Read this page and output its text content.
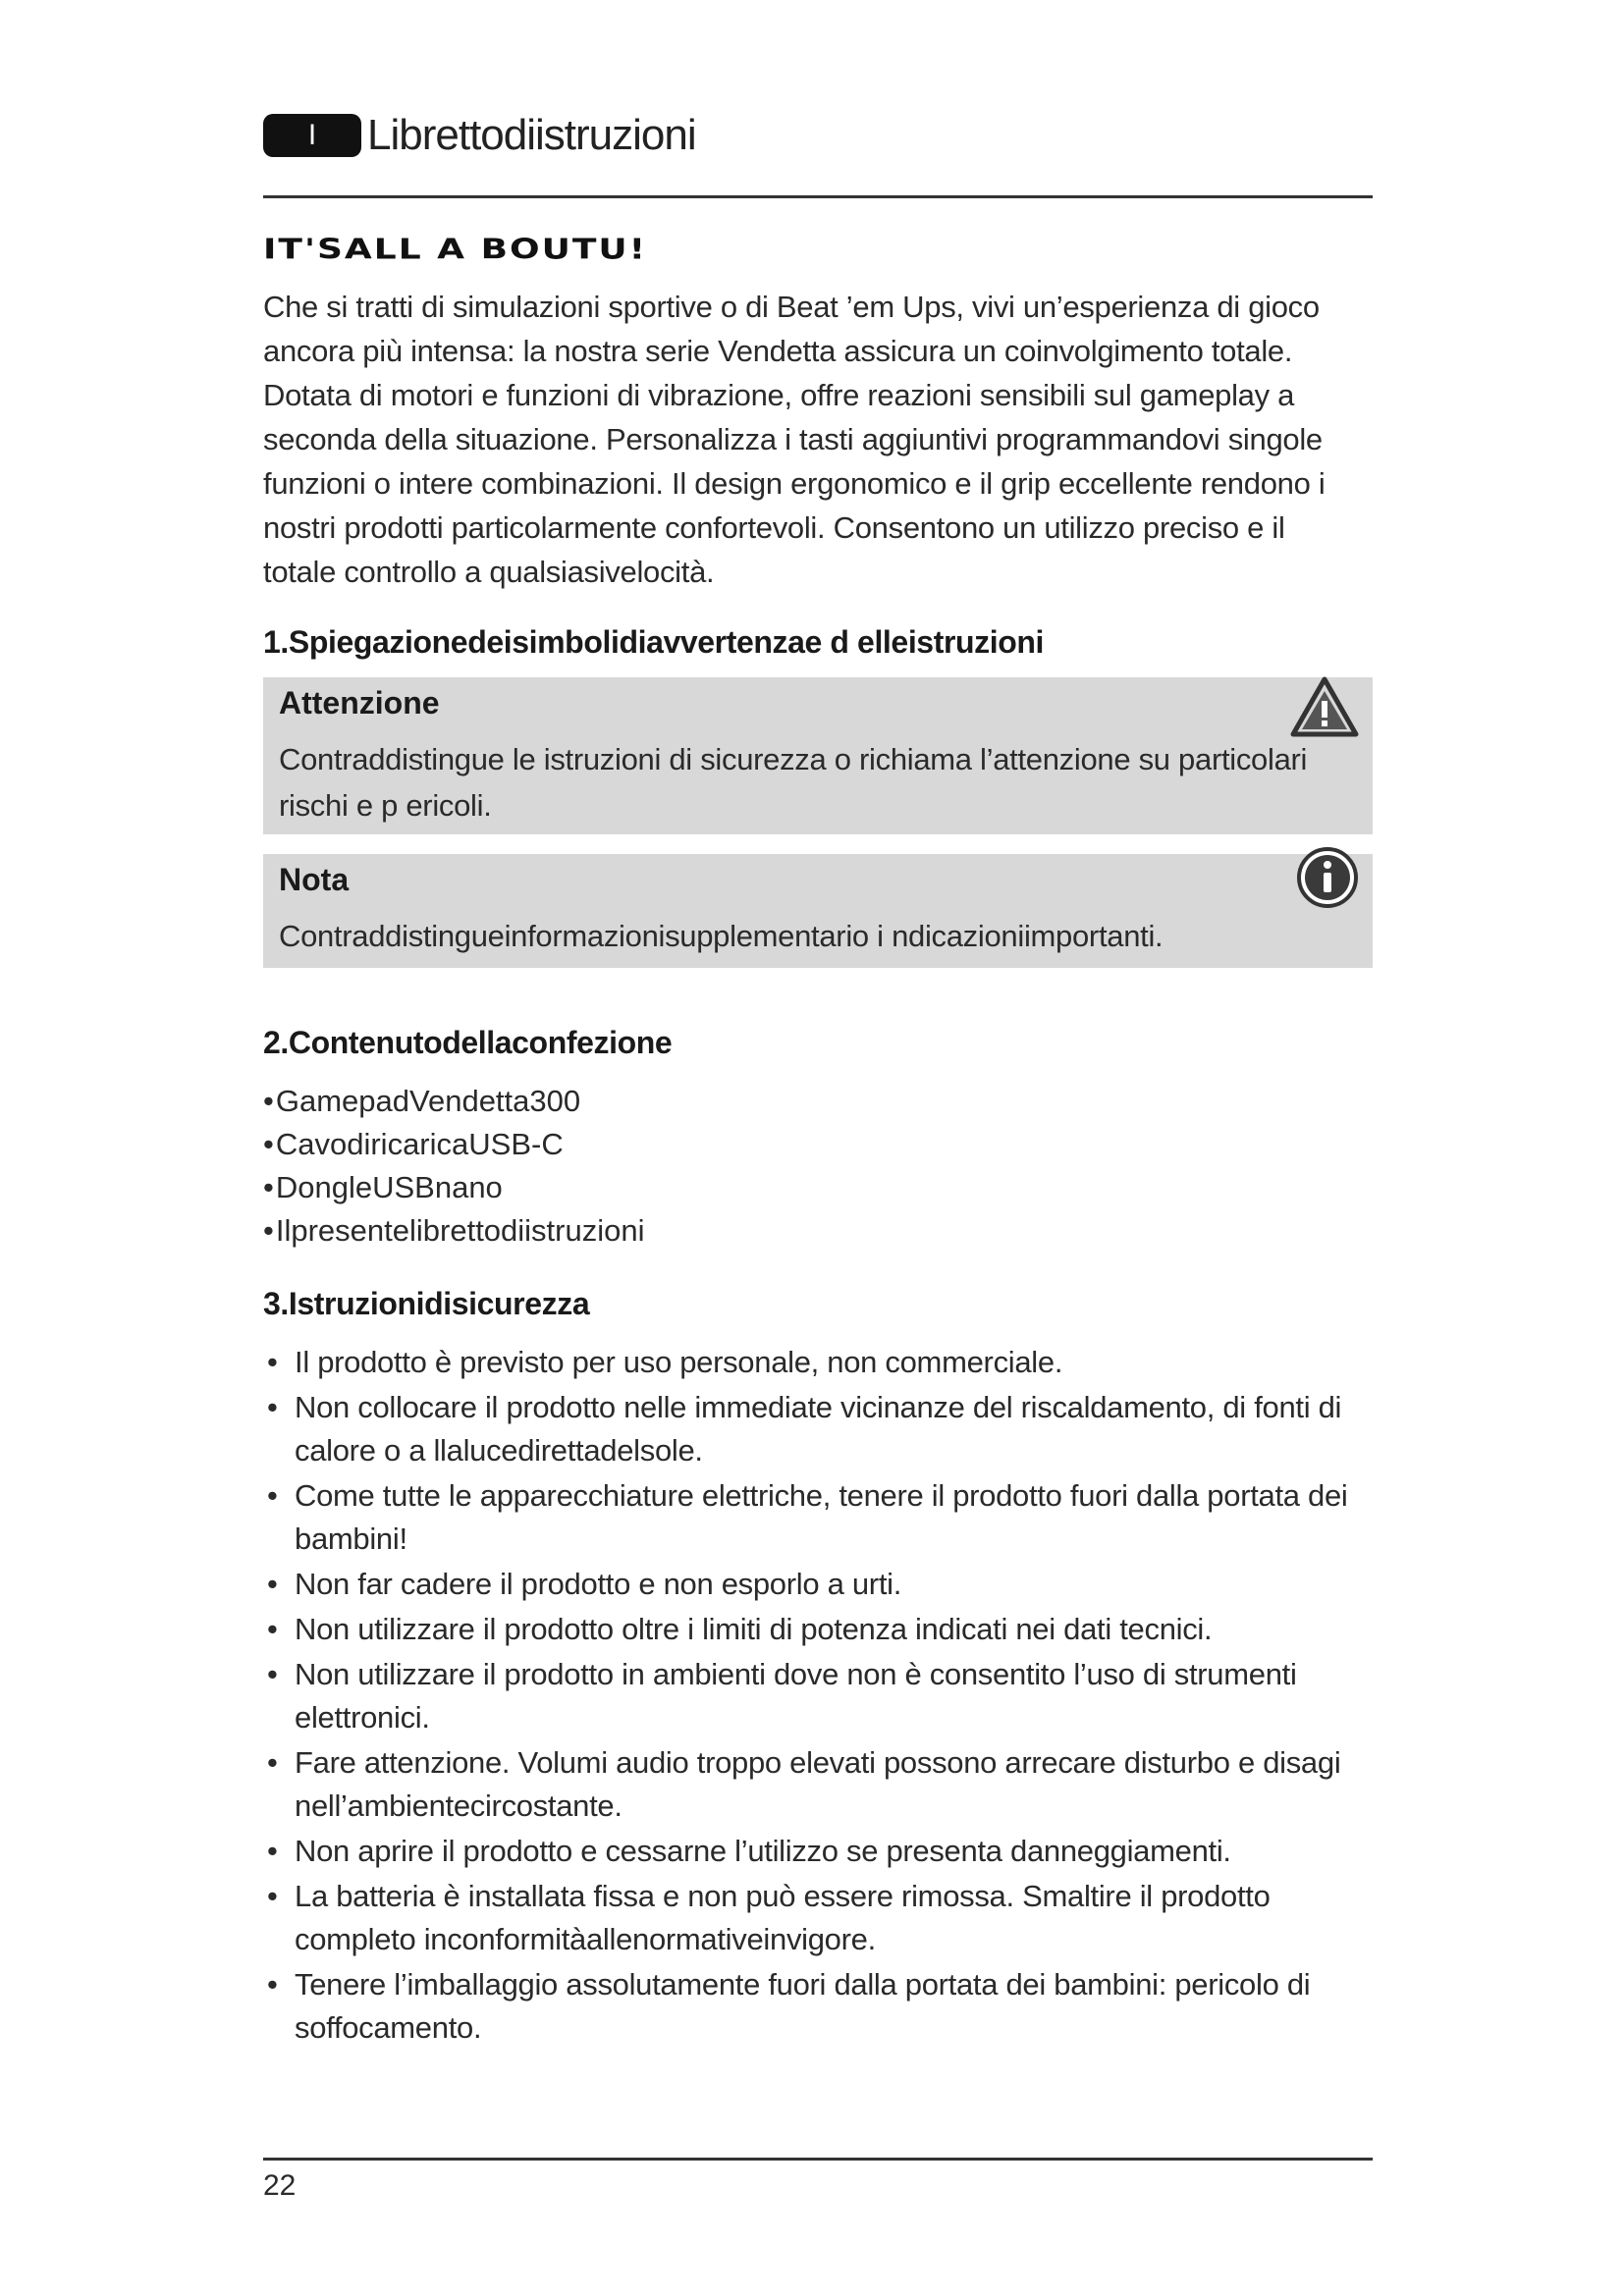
I	Librettodiistruzioni
IT'SALL A BOUTU!
Che si tratti di simulazioni sportive o di Beat ’em Ups, vivi un’esperienza di gioco ancora più intensa: la nostra serie Vendetta assicura un coinvolgimento totale. Dotata di motori e funzioni di vibrazione, offre reazioni sensibili sul gameplay a seconda della situazione. Personalizza i tasti aggiuntivi programmandovi singole funzioni o intere combinazioni. Il design ergonomico e il grip eccellente rendono i nostri prodotti particolarmente confortevoli. Consentono un utilizzo preciso e il totale controllo a qualsiasivelocità.
1.Spiegazionedeisimbolidiavvertenzae d elleistruzioni
Attenzione
Contraddistingue le istruzioni di sicurezza o richiama l’attenzione su particolari rischi e p ericoli.
Nota
Contraddistingueinformazionisupplementario i ndicazioniimportanti.
2.Contenutodellaconfezione
• GamepadVendetta300
• CavodiricaricaUSB-C
• DongleUSBnano
• Ilpresentelibrettodiistruzioni
3.Istruzionidisicurezza
• Il prodotto è previsto per uso personale, non commerciale.
• Non collocare il prodotto nelle immediate vicinanze del riscaldamento, di fonti di calore o a llalucedirettadelsole.
• Come tutte le apparecchiature elettriche, tenere il prodotto fuori dalla portata dei bambini!
• Non far cadere il prodotto e non esporlo a urti.
• Non utilizzare il prodotto oltre i limiti di potenza indicati nei dati tecnici.
• Non utilizzare il prodotto in ambienti dove non è consentito l’uso di strumenti elettronici.
• Fare attenzione. Volumi audio troppo elevati possono arrecare disturbo e disagi nell’ambientecircostante.
• Non aprire il prodotto e cessarne l’utilizzo se presenta danneggiamenti.
• La batteria è installata fissa e non può essere rimossa. Smaltire il prodotto completo inconformitàallenormativeinvigore.
• Tenere l’imballaggio assolutamente fuori dalla portata dei bambini: pericolo di soffocamento.
22
